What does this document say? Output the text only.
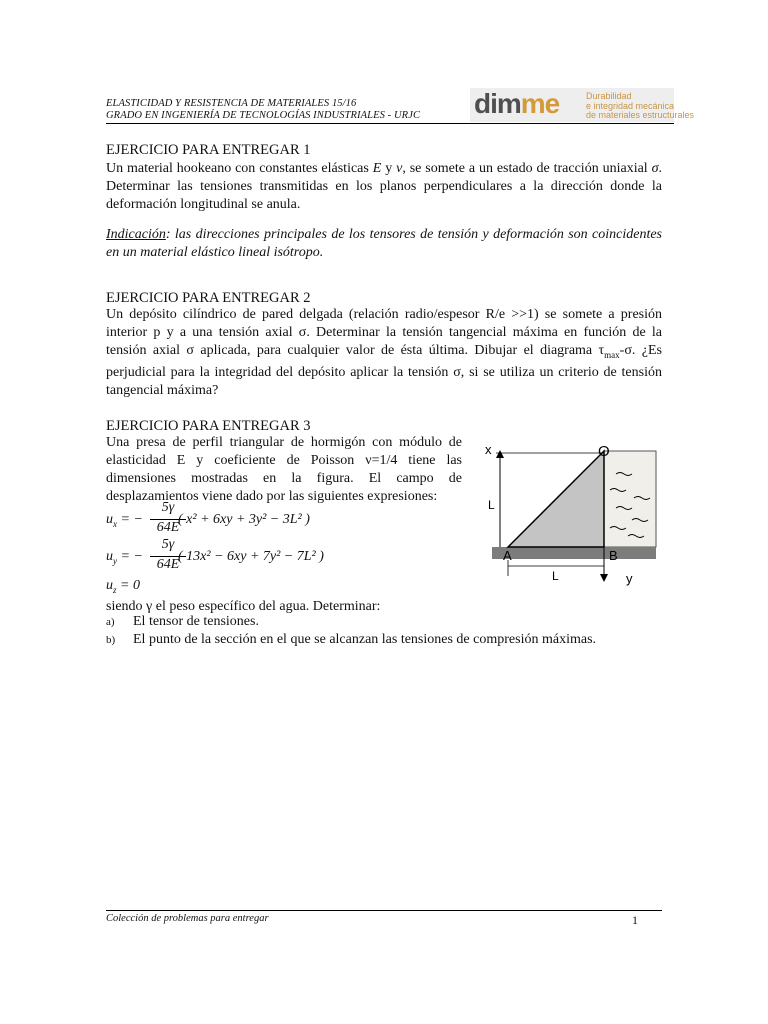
ELASTICIDAD Y RESISTENCIA DE MATERIALES 15/16
GRADO EN INGENIERÍA DE TECNOLOGÍAS INDUSTRIALES - URJC dimme	Durabilidad
e integridad mecánica
de materiales estructurales
EJERCICIO PARA ENTREGAR 1
Un material hookeano con constantes elásticas E y ν, se somete a un estado de tracción uniaxial σ. Determinar las tensiones transmitidas en los planos perpendiculares a la dirección donde la deformación longitudinal se anula.
Indicación: las direcciones principales de los tensores de tensión y deformación son coincidentes en un material elástico lineal isótropo.
EJERCICIO PARA ENTREGAR 2
Un depósito cilíndrico de pared delgada (relación radio/espesor R/e >>1) se somete a presión interior p y a una tensión axial σ. Determinar la tensión tangencial máxima en función de la tensión axial σ aplicada, para cualquier valor de ésta última. Dibujar el diagrama $\tau_{max}-\sigma$. ¿Es perjudicial para la integridad del depósito aplicar la tensión σ, si se utiliza un criterio de tensión tangencial máxima?
EJERCICIO PARA ENTREGAR 3
Una presa de perfil triangular de hormigón con módulo de elasticidad E y coeficiente de Poisson ν=1/4 tiene las dimensiones mostradas en la figura. El campo de desplazamientos viene dado por las siguientes expresiones:
$u_x$ = −
5γ
64E
( x² + 6xy + 3y² − 3L² )
$u_y$ = −
5γ
64E
( 13x² − 6xy + 7y² − 7L² )
$u_z = 0$
siendo γ el peso específico del agua. Determinar:
a) El tensor de tensiones.
b) El punto de la sección en el que se alcanzan las tensiones de compresión máximas.
x	O
L
A	B
L	y
Colección de problemas para entregar	1
